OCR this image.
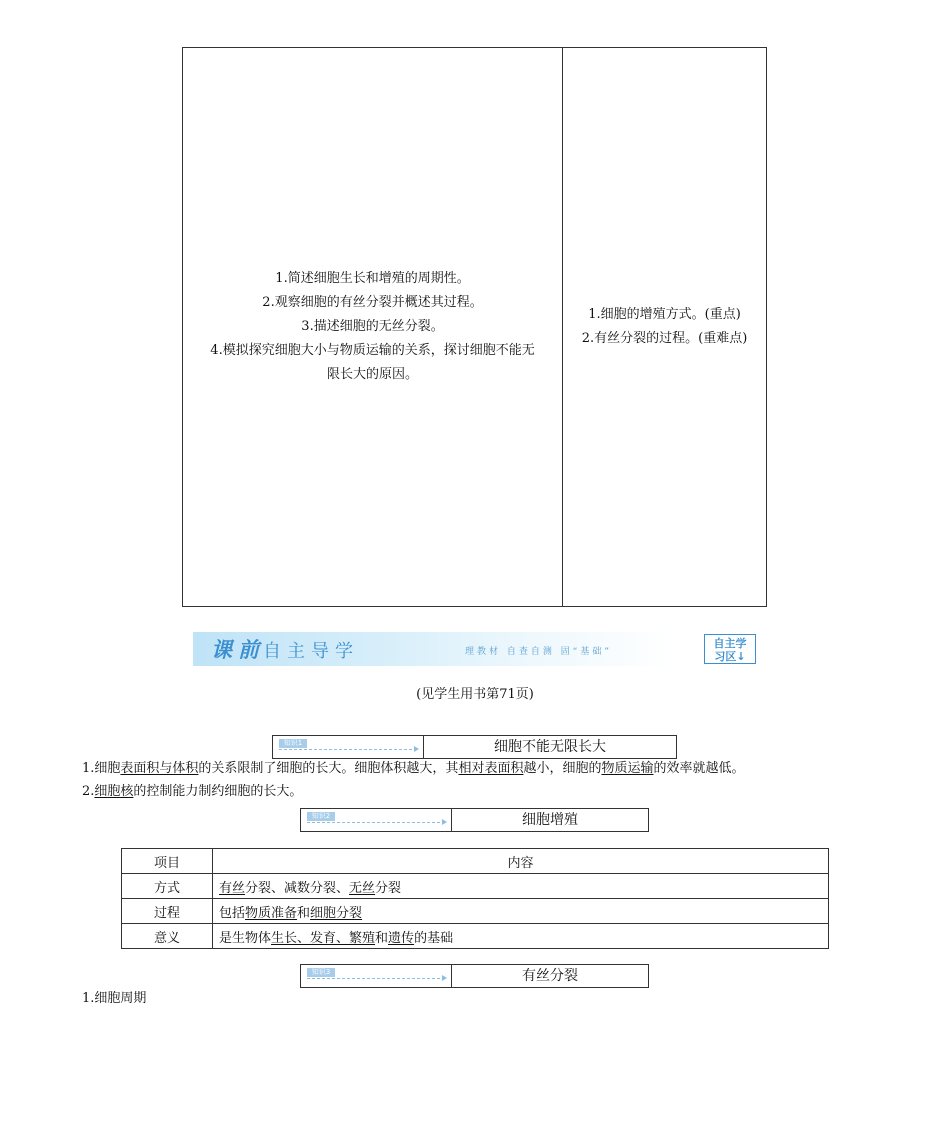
1.简述细胞生长和增殖的周期性。
2.观察细胞的有丝分裂并概述其过程。
3.描述细胞的无丝分裂。
4.模拟探究细胞大小与物质运输的关系，探讨细胞不能无
限长大的原因。
1.细胞的增殖方式。(重点)
2.有丝分裂的过程。(重难点)
课前
自主导学	理教材 自查自测 固“基础”
自主学
习区↓
(见学生用书第71页)
知识1	细胞不能无限长大
1.细胞表面积与体积的关系限制了细胞的长大。细胞体积越大，其相对表面积越小，细胞的物质运输的效率就越低。
2.细胞核的控制能力制约细胞的长大。
知识2	细胞增殖
项目	内容
方式	有丝分裂、减数分裂、无丝分裂
过程	包括物质准备和细胞分裂
意义	是生物体生长、发育、繁殖和遗传的基础
知识3	有丝分裂
1.细胞周期
